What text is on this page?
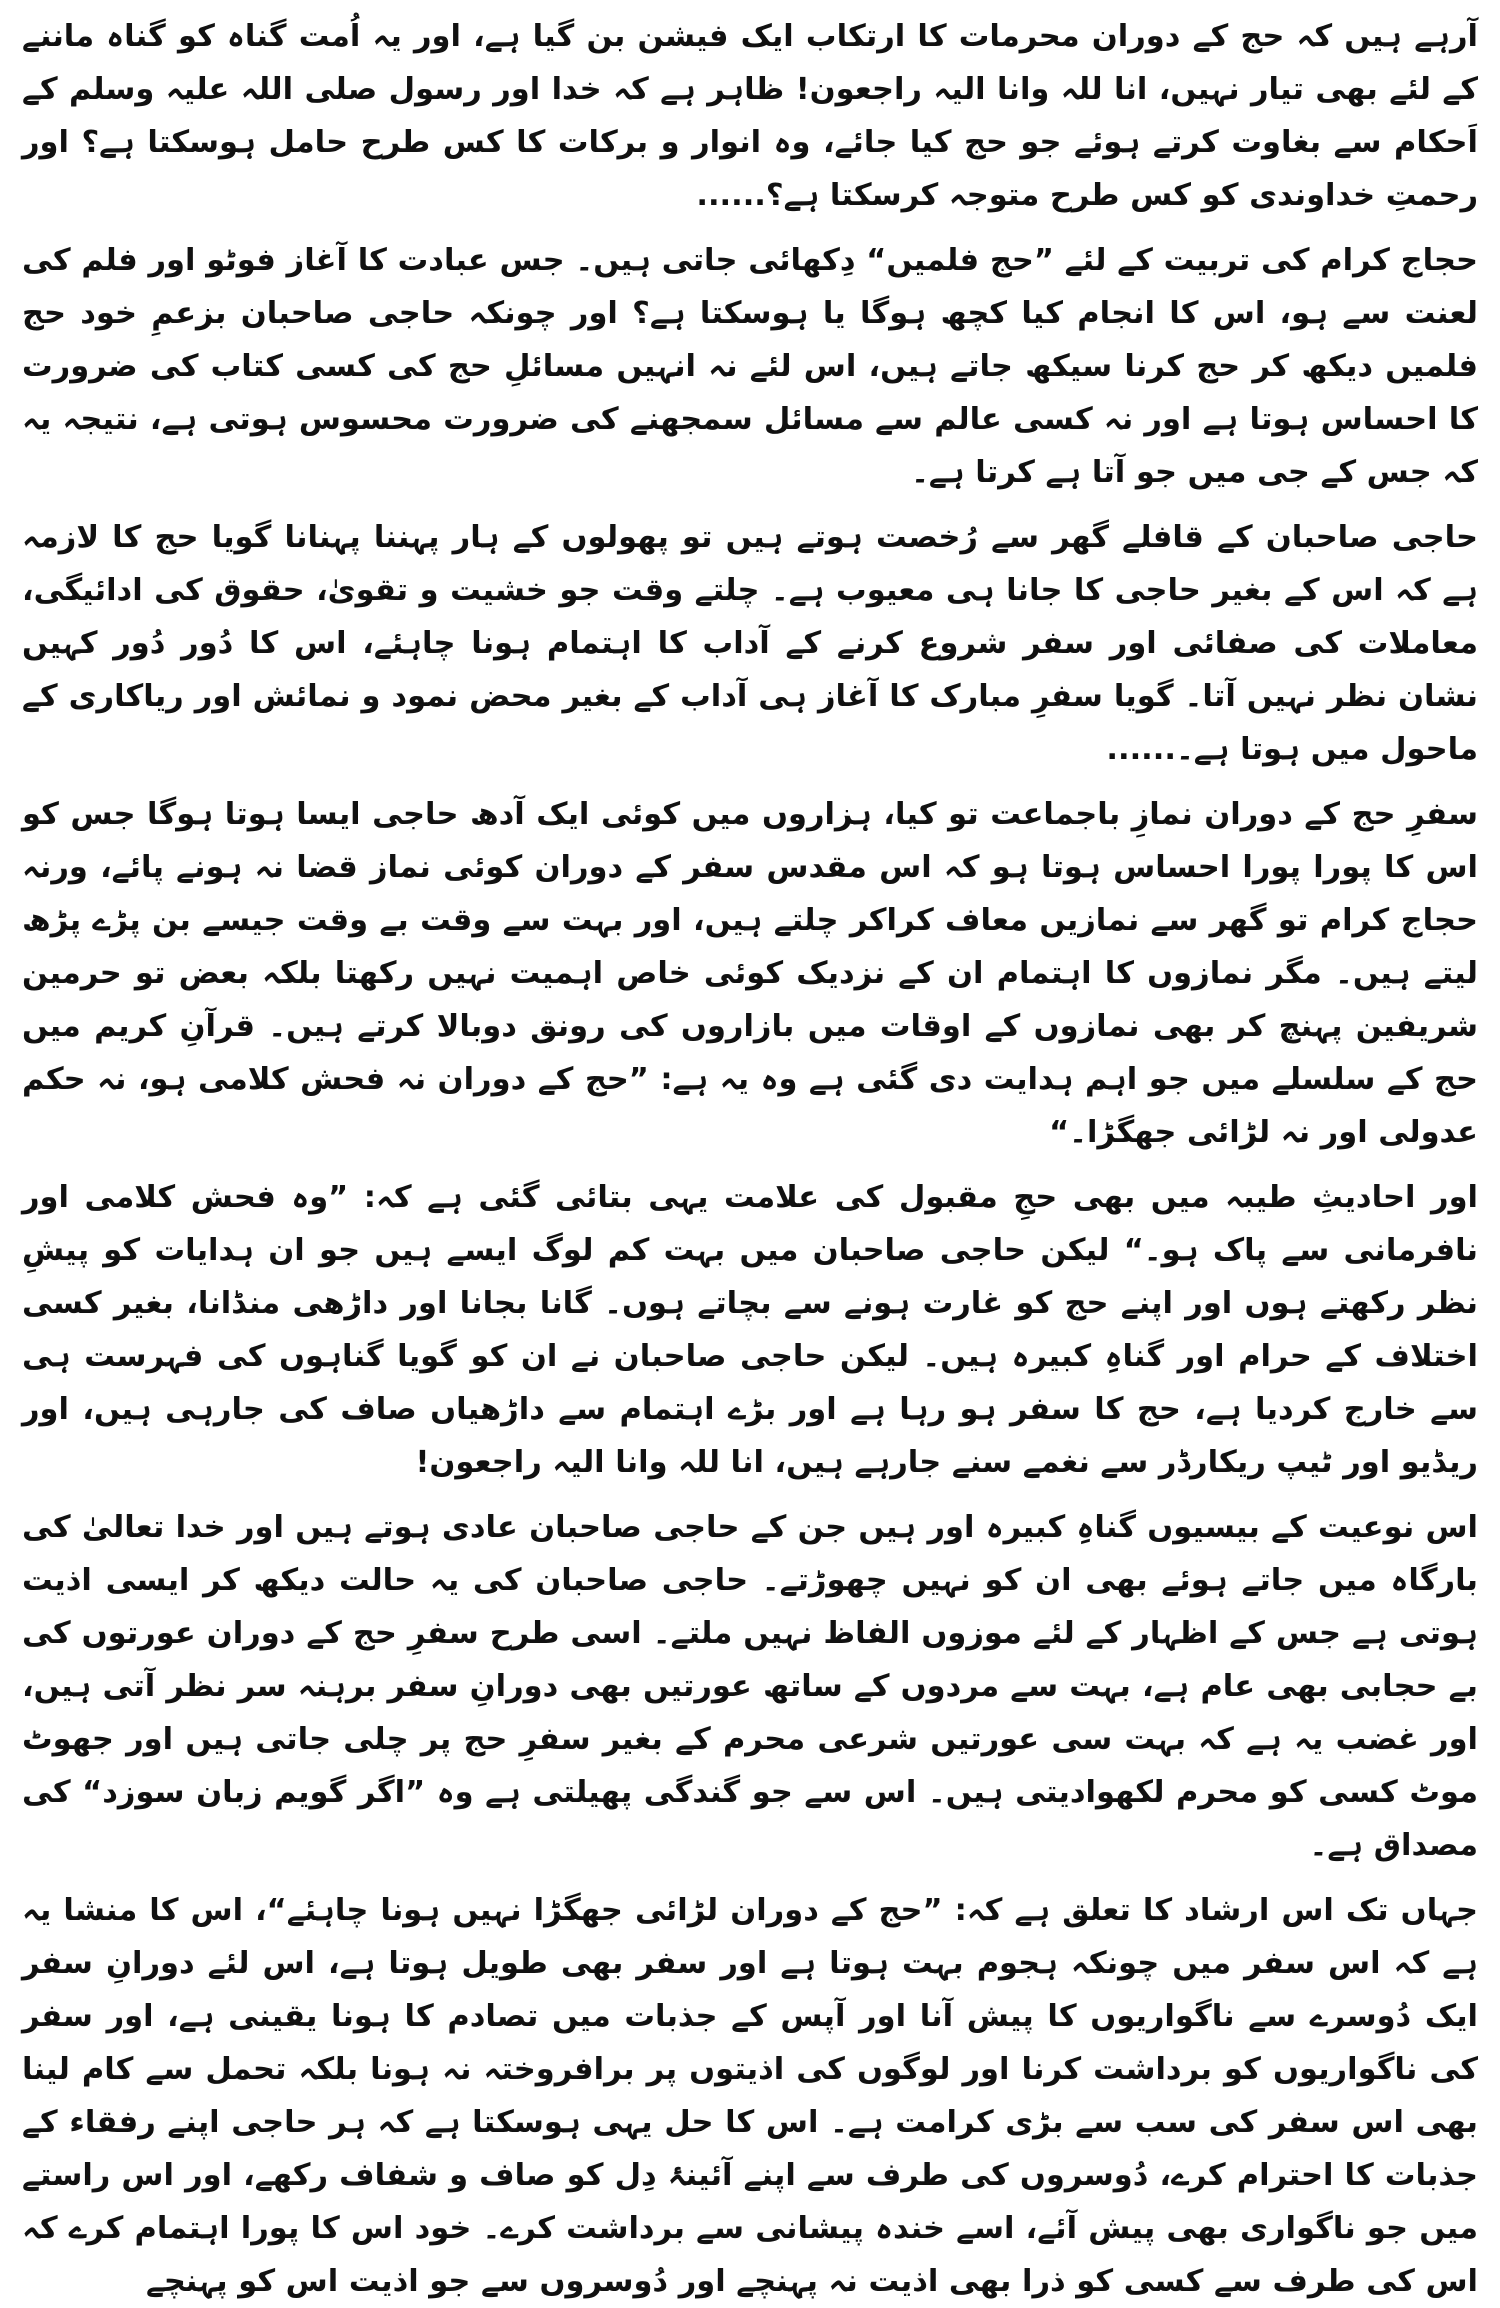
آرہے ہیں کہ حج کے دوران محرمات کا ارتکاب ایک فیشن بن گیا ہے، اور یہ اُمت گناہ کو گناہ ماننے کے لئے بھی تیار نہیں، انا للہ وانا الیہ راجعون! ظاہر ہے کہ خدا اور رسول صلی اللہ علیہ وسلم کے اَحکام سے بغاوت کرتے ہوئے جو حج کیا جائے، وہ انوار و برکات کا کس طرح حامل ہوسکتا ہے؟ اور رحمتِ خداوندی کو کس طرح متوجہ کرسکتا ہے؟......

حجاج کرام کی تربیت کے لئے ”حج فلمیں“ دِکھائی جاتی ہیں۔ جس عبادت کا آغاز فوٹو اور فلم کی لعنت سے ہو، اس کا انجام کیا کچھ ہوگا یا ہوسکتا ہے؟ اور چونکہ حاجی صاحبان بزعمِ خود حج فلمیں دیکھ کر حج کرنا سیکھ جاتے ہیں، اس لئے نہ انہیں مسائلِ حج کی کسی کتاب کی ضرورت کا احساس ہوتا ہے اور نہ کسی عالم سے مسائل سمجھنے کی ضرورت محسوس ہوتی ہے، نتیجہ یہ کہ جس کے جی میں جو آتا ہے کرتا ہے۔

حاجی صاحبان کے قافلے گھر سے رُخصت ہوتے ہیں تو پھولوں کے ہار پہننا پہنانا گویا حج کا لازمہ ہے کہ اس کے بغیر حاجی کا جانا ہی معیوب ہے۔ چلتے وقت جو خشیت و تقویٰ، حقوق کی ادائیگی، معاملات کی صفائی اور سفر شروع کرنے کے آداب کا اہتمام ہونا چاہئے، اس کا دُور دُور کہیں نشان نظر نہیں آتا۔ گویا سفرِ مبارک کا آغاز ہی آداب کے بغیر محض نمود و نمائش اور ریاکاری کے ماحول میں ہوتا ہے۔......

سفرِ حج کے دوران نمازِ باجماعت تو کیا، ہزاروں میں کوئی ایک آدھ حاجی ایسا ہوتا ہوگا جس کو اس کا پورا پورا احساس ہوتا ہو کہ اس مقدس سفر کے دوران کوئی نماز قضا نہ ہونے پائے، ورنہ حجاج کرام تو گھر سے نمازیں معاف کراکر چلتے ہیں، اور بہت سے وقت بے وقت جیسے بن پڑے پڑھ لیتے ہیں۔ مگر نمازوں کا اہتمام ان کے نزدیک کوئی خاص اہمیت نہیں رکھتا بلکہ بعض تو حرمین شریفین پہنچ کر بھی نمازوں کے اوقات میں بازاروں کی رونق دوبالا کرتے ہیں۔ قرآنِ کریم میں حج کے سلسلے میں جو اہم ہدایت دی گئی ہے وہ یہ ہے: ”حج کے دوران نہ فحش کلامی ہو، نہ حکم عدولی اور نہ لڑائی جھگڑا۔“

اور احادیثِ طیبہ میں بھی حجِ مقبول کی علامت یہی بتائی گئی ہے کہ: ”وہ فحش کلامی اور نافرمانی سے پاک ہو۔“ لیکن حاجی صاحبان میں بہت کم لوگ ایسے ہیں جو ان ہدایات کو پیشِ نظر رکھتے ہوں اور اپنے حج کو غارت ہونے سے بچاتے ہوں۔ گانا بجانا اور داڑھی منڈانا، بغیر کسی اختلاف کے حرام اور گناہِ کبیرہ ہیں۔ لیکن حاجی صاحبان نے ان کو گویا گناہوں کی فہرست ہی سے خارج کردیا ہے، حج کا سفر ہو رہا ہے اور بڑے اہتمام سے داڑھیاں صاف کی جارہی ہیں، اور ریڈیو اور ٹیپ ریکارڈر سے نغمے سنے جارہے ہیں، انا للہ وانا الیہ راجعون!

اس نوعیت کے بیسیوں گناہِ کبیرہ اور ہیں جن کے حاجی صاحبان عادی ہوتے ہیں اور خدا تعالیٰ کی بارگاہ میں جاتے ہوئے بھی ان کو نہیں چھوڑتے۔ حاجی صاحبان کی یہ حالت دیکھ کر ایسی اذیت ہوتی ہے جس کے اظہار کے لئے موزوں الفاظ نہیں ملتے۔ اسی طرح سفرِ حج کے دوران عورتوں کی بے حجابی بھی عام ہے، بہت سے مردوں کے ساتھ عورتیں بھی دورانِ سفر برہنہ سر نظر آتی ہیں، اور غضب یہ ہے کہ بہت سی عورتیں شرعی محرم کے بغیر سفرِ حج پر چلی جاتی ہیں اور جھوٹ موٹ کسی کو محرم لکھوادیتی ہیں۔ اس سے جو گندگی پھیلتی ہے وہ ”اگر گویم زبان سوزد“ کی مصداق ہے۔

جہاں تک اس ارشاد کا تعلق ہے کہ: ”حج کے دوران لڑائی جھگڑا نہیں ہونا چاہئے“، اس کا منشا یہ ہے کہ اس سفر میں چونکہ ہجوم بہت ہوتا ہے اور سفر بھی طویل ہوتا ہے، اس لئے دورانِ سفر ایک دُوسرے سے ناگواریوں کا پیش آنا اور آپس کے جذبات میں تصادم کا ہونا یقینی ہے، اور سفر کی ناگواریوں کو برداشت کرنا اور لوگوں کی اذیتوں پر برافروختہ نہ ہونا بلکہ تحمل سے کام لینا بھی اس سفر کی سب سے بڑی کرامت ہے۔ اس کا حل یہی ہوسکتا ہے کہ ہر حاجی اپنے رفقاء کے جذبات کا احترام کرے، دُوسروں کی طرف سے اپنے آئینۂ دِل کو صاف و شفاف رکھے، اور اس راستے میں جو ناگواری بھی پیش آئے، اسے خندہ پیشانی سے برداشت کرے۔ خود اس کا پورا اہتمام کرے کہ اس کی طرف سے کسی کو ذرا بھی اذیت نہ پہنچے اور دُوسروں سے جو اذیت اس کو پہنچے
